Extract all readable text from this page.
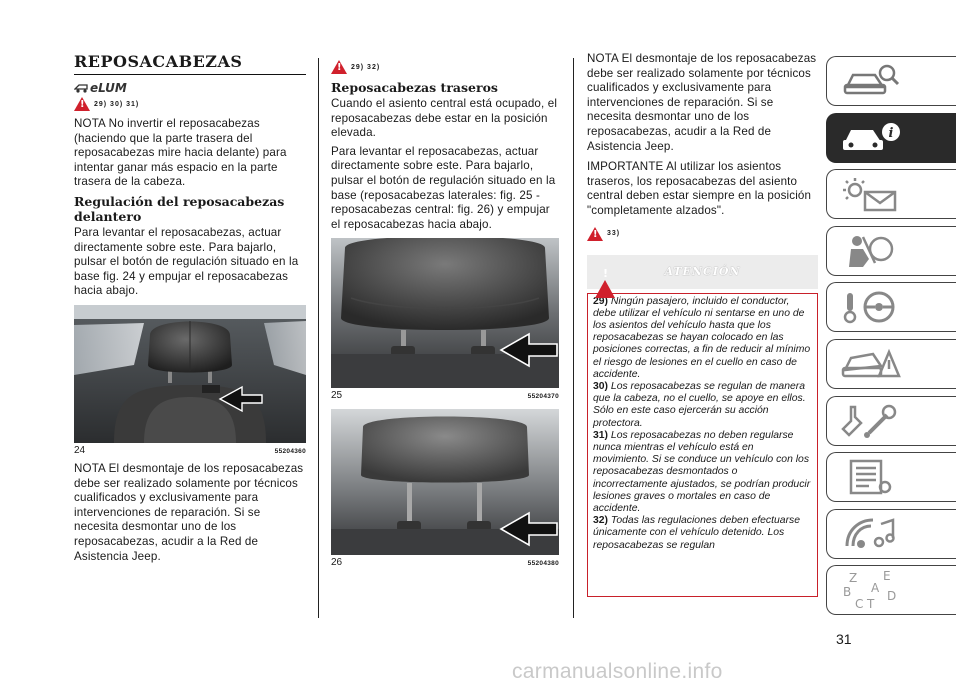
REPOSACABEZAS
eLUM
!
29) 30) 31)

NOTA No invertir el reposacabezas (haciendo que la parte trasera del reposacabezas mire hacia delante) para intentar ganar más espacio en la parte trasera de la cabeza.

Regulación del reposacabezas delantero

Para levantar el reposacabezas, actuar directamente sobre este. Para bajarlo, pulsar el botón de regulación situado en la base fig. 24 y empujar el reposacabezas hacia abajo.

24	55204360

NOTA El desmontaje de los reposacabezas debe ser realizado solamente por técnicos cualificados y exclusivamente para intervenciones de reparación. Si se necesita desmontar uno de los reposacabezas, acudir a la Red de Asistencia Jeep.

!
29) 32)
Reposacabezas traseros

Cuando el asiento central está ocupado, el reposacabezas debe estar en la posición elevada.

Para levantar el reposacabezas, actuar directamente sobre este. Para bajarlo, pulsar el botón de regulación situado en la base (reposacabezas laterales: fig. 25 - reposacabezas central: fig. 26) y empujar el reposacabezas hacia abajo.

25	55204370
26	55204380

NOTA El desmontaje de los reposacabezas debe ser realizado solamente por técnicos cualificados y exclusivamente para intervenciones de reparación. Si se necesita desmontar uno de los reposacabezas, acudir a la Red de Asistencia Jeep.

IMPORTANTE Al utilizar los asientos traseros, los reposacabezas del asiento central deben estar siempre en la posición "completamente alzados".

!
33)
!
ATENCIÓN

29) Ningún pasajero, incluido el conductor, debe utilizar el vehículo ni sentarse en uno de los asientos del vehículo hasta que los reposacabezas se hayan colocado en las posiciones correctas, a fin de reducir al mínimo el riesgo de lesiones en el cuello en caso de accidente.

30) Los reposacabezas se regulan de manera que la cabeza, no el cuello, se apoye en ellos. Sólo en este caso ejercerán su acción protectora.

31) Los reposacabezas no deben regularse nunca mientras el vehículo está en movimiento. Si se conduce un vehículo con los reposacabezas desmontados o incorrectamente ajustados, se podrían producir lesiones graves o mortales en caso de accidente.

32) Todas las regulaciones deben efectuarse únicamente con el vehículo detenido. Los reposacabezas se regulan

i
Z E
B A
C T
D
31
carmanualsonline.info
